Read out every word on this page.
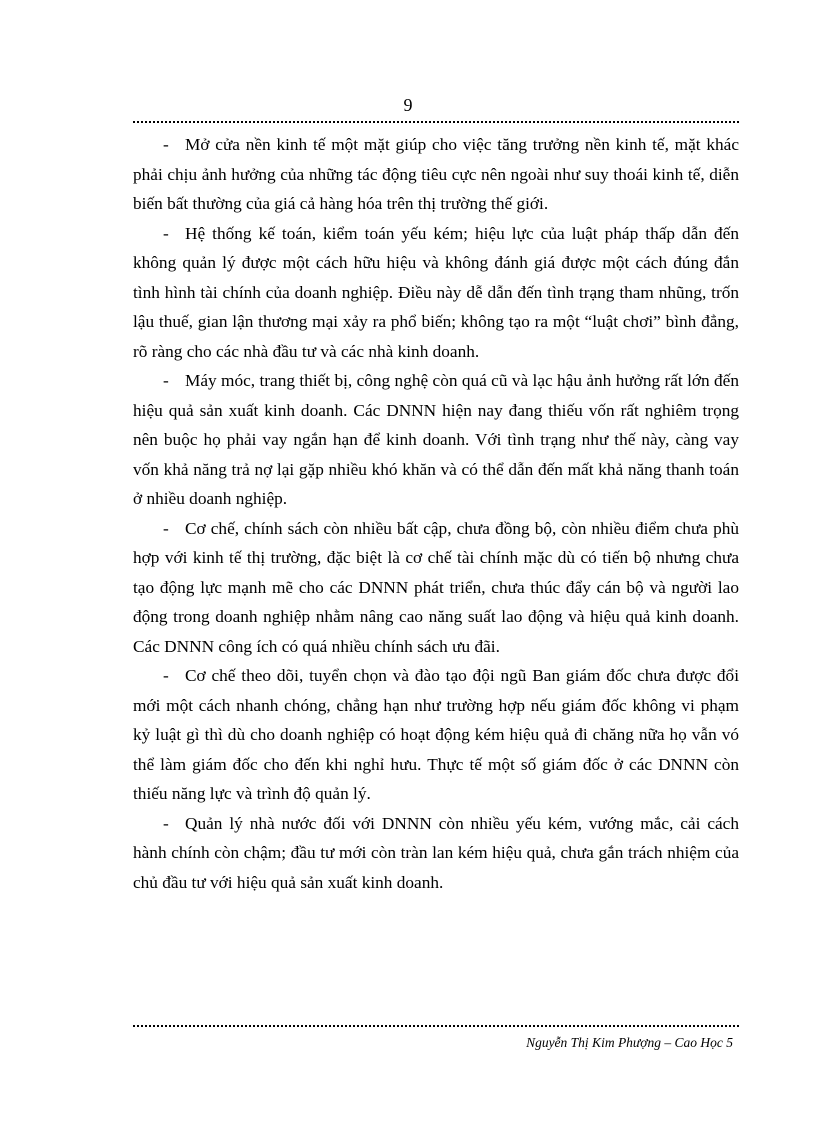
9

- Mở cửa nền kinh tế một mặt giúp cho việc tăng trưởng nền kinh tế, mặt khác phải chịu ảnh hưởng của những tác động tiêu cực nên ngoài như suy thoái kinh tế, diễn biến bất thường của giá cả hàng hóa trên thị trường thế giới.

- Hệ thống kế toán, kiểm toán yếu kém; hiệu lực của luật pháp thấp dẫn đến không quản lý được một cách hữu hiệu và không đánh giá được một cách đúng đắn tình hình tài chính của doanh nghiệp. Điều này dễ dẫn đến tình trạng tham nhũng, trốn lậu thuế, gian lận thương mại xảy ra phổ biến; không tạo ra một “luật chơi” bình đẳng, rõ ràng cho các nhà đầu tư và các nhà kinh doanh.

- Máy móc, trang thiết bị, công nghệ còn quá cũ và lạc hậu ảnh hưởng rất lớn đến hiệu quả sản xuất kinh doanh. Các DNNN hiện nay đang thiếu vốn rất nghiêm trọng nên buộc họ phải vay ngắn hạn để kinh doanh. Với tình trạng như thế này, càng vay vốn khả năng trả nợ lại gặp nhiều khó khăn và có thể dẫn đến mất khả năng thanh toán ở nhiều doanh nghiệp.

- Cơ chế, chính sách còn nhiều bất cập, chưa đồng bộ, còn nhiều điểm chưa phù hợp với kinh tế thị trường, đặc biệt là cơ chế tài chính mặc dù có tiến bộ nhưng chưa tạo động lực mạnh mẽ cho các DNNN phát triển, chưa thúc đẩy cán bộ và người lao động trong doanh nghiệp nhằm nâng cao năng suất lao động và hiệu quả kinh doanh. Các DNNN công ích có quá nhiều chính sách ưu đãi.

- Cơ chế theo dõi, tuyển chọn và đào tạo đội ngũ Ban giám đốc chưa được đổi mới một cách nhanh chóng, chẳng hạn như trường hợp nếu giám đốc không vi phạm kỷ luật gì thì dù cho doanh nghiệp có hoạt động kém hiệu quả đi chăng nữa họ vẫn vó thể làm giám đốc cho đến khi nghỉ hưu. Thực tế một số giám đốc ở các DNNN còn thiếu năng lực và trình độ quản lý.

- Quản lý nhà nước đối với DNNN còn nhiều yếu kém, vướng mắc, cải cách hành chính còn chậm; đầu tư mới còn tràn lan kém hiệu quả, chưa gắn trách nhiệm của chủ đầu tư với hiệu quả sản xuất kinh doanh.

Nguyễn Thị Kim Phượng – Cao Học 5
